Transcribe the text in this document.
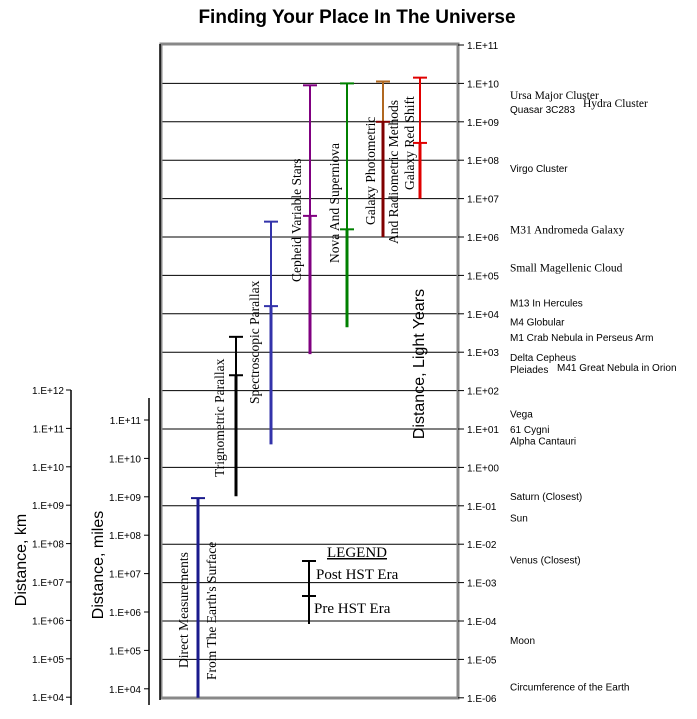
Finding Your Place In The Universe
1.E+11
1.E+10
1.E+09
1.E+08
1.E+07
1.E+06
1.E+05
1.E+04
1.E+03
1.E+02
1.E+01
1.E+00
1.E-01
1.E-02
1.E-03
1.E-04
1.E-05
1.E-06
1.E+12
1.E+11
1.E+10
1.E+09
1.E+08
1.E+07
1.E+06
1.E+05
1.E+04
1.E+11
1.E+10
1.E+09
1.E+08
1.E+07
1.E+06
1.E+05
1.E+04
Hydra Cluster
Quasar 3C283
Ursa Major Cluster
Virgo Cluster
M31 Andromeda Galaxy
Small Magellenic Cloud
M13 In Hercules
M4 Globular
M1 Crab Nebula in Perseus Arm
Delta Cepheus
Pleiades M41 Great Nebula in Orion
Vega
61 Cygni
Alpha Cantauri
Saturn (Closest)
Sun
Venus (Closest)
Moon
Circumference of the Earth
Direct Measurements From The Earth's Surface
Trignometric Parallax
Spectroscopic Parallax
Cepheid Variable Stars Nova And Superniova Galaxy Photometric And Radiometric Methods Galaxy Red Shift
Distance, Light Years
Distance, km	Distance, miles	LEGEND
Post HST Era
Pre HST Era
